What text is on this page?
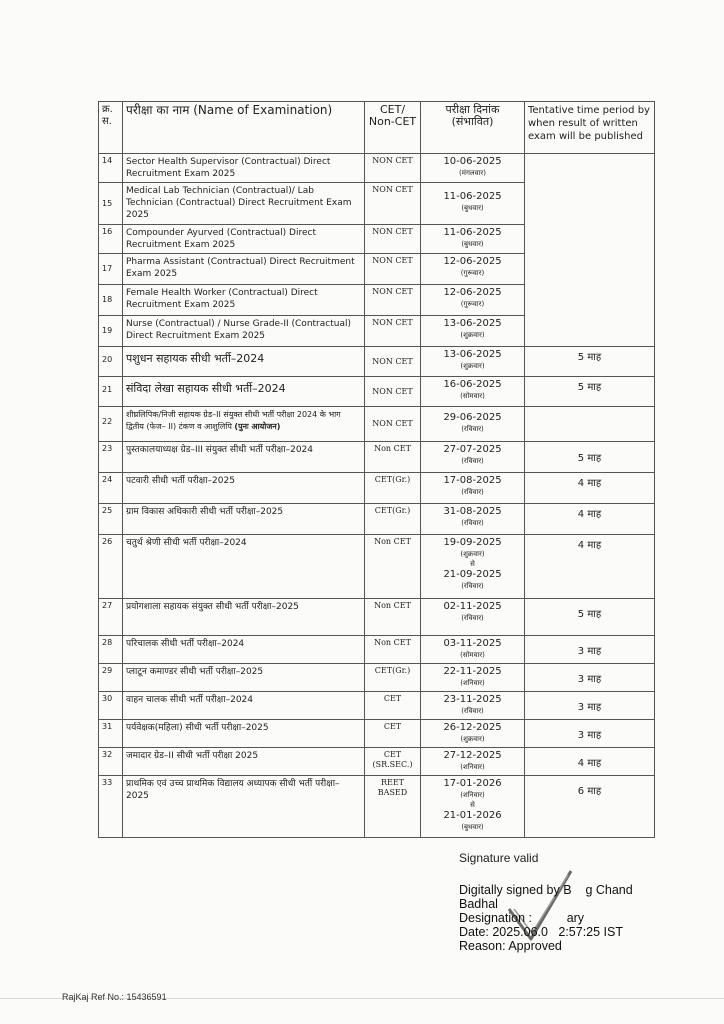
क्र. स.	परीक्षा का नाम (Name of Examination)	CET/ Non-CET	परीक्षा दिनांक (संभावित)	Tentative time period by when result of written exam will be published
14	Sector Health Supervisor (Contractual) Direct Recruitment Exam 2025	NON CET	10-06-2025
(मंगलवार)	

15	Medical Lab Technician (Contractual)/ Lab Technician (Contractual) Direct Recruitment Exam 2025	NON CET	11-06-2025
(बुधवार)	

16	Compounder Ayurved (Contractual) Direct Recruitment Exam 2025	NON CET	11-06-2025
(बुधवार)	

17	Pharma Assistant (Contractual) Direct Recruitment Exam 2025	NON CET	12-06-2025
(गुरूवार)	

18	Female Health Worker (Contractual) Direct Recruitment Exam 2025	NON CET	12-06-2025
(गुरूवार)	

19	Nurse (Contractual) / Nurse Grade-II (Contractual) Direct Recruitment Exam 2025	NON CET	13-06-2025
(शुक्रवार)	

20	पशुधन सहायक सीधी भर्ती–2024	NON CET	13-06-2025
(शुक्रवार)	5 माह
21	संविदा लेखा सहायक सीधी भर्ती–2024	NON CET	16-06-2025
(सोमवार)	5 माह
22	शीघ्रलिपिक/निजी सहायक ग्रेड–II संयुक्त सीधी भर्ती परीक्षा 2024 के भाग द्वितीय (फेज– II) टंकण व आशुलिपि (पुनः आयोजन)	NON CET	29-06-2025
(रविवार)	

23	पुस्तकालयाध्यक्ष ग्रेड–III संयुक्त सीधी भर्ती परीक्षा–2024	Non CET	27-07-2025
(रविवार)	5 माह
24	पटवारी सीधी भर्ती परीक्षा–2025	CET(Gr.)	17-08-2025
(रविवार)	4 माह
25	ग्राम विकास अधिकारी सीधी भर्ती परीक्षा–2025	CET(Gr.)	31-08-2025
(रविवार)	4 माह
26	चतुर्थ श्रेणी सीधी भर्ती परीक्षा–2024	Non CET	19-09-2025
(शुक्रवार)
से
21-09-2025
(रविवार)	4 माह
27	प्रयोगशाला सहायक संयुक्त सीधी भर्ती परीक्षा–2025	Non CET	02-11-2025
(रविवार)	5 माह
28	परिचालक सीधी भर्ती परीक्षा–2024	Non CET	03-11-2025
(सोमवार)	3 माह
29	प्लाटून कमाण्डर सीधी भर्ती परीक्षा–2025	CET(Gr.)	22-11-2025
(शनिवार)	3 माह
30	वाहन चालक सीधी भर्ती परीक्षा–2024	CET	23-11-2025
(रविवार)	3 माह
31	पर्यवेक्षक(महिला) सीधी भर्ती परीक्षा–2025	CET	26-12-2025
(शुक्रवार)	3 माह
32	जमादार ग्रेड–II सीधी भर्ती परीक्षा 2025	CET (SR.SEC.)	27-12-2025
(शनिवार)	4 माह
33	प्राथमिक एवं उच्च प्राथमिक विद्यालय अध्यापक सीधी भर्ती परीक्षा–2025	REET BASED	17-01-2026
(शनिवार)
से
21-01-2026
(बुधवार)	6 माह
Signature valid
Digitally signed by B    g Chand
Badhal
Designation :          ary
Date: 2025.06.0   2:57:25 IST
Reason: Approved
RajKaj Ref No.: 15436591
